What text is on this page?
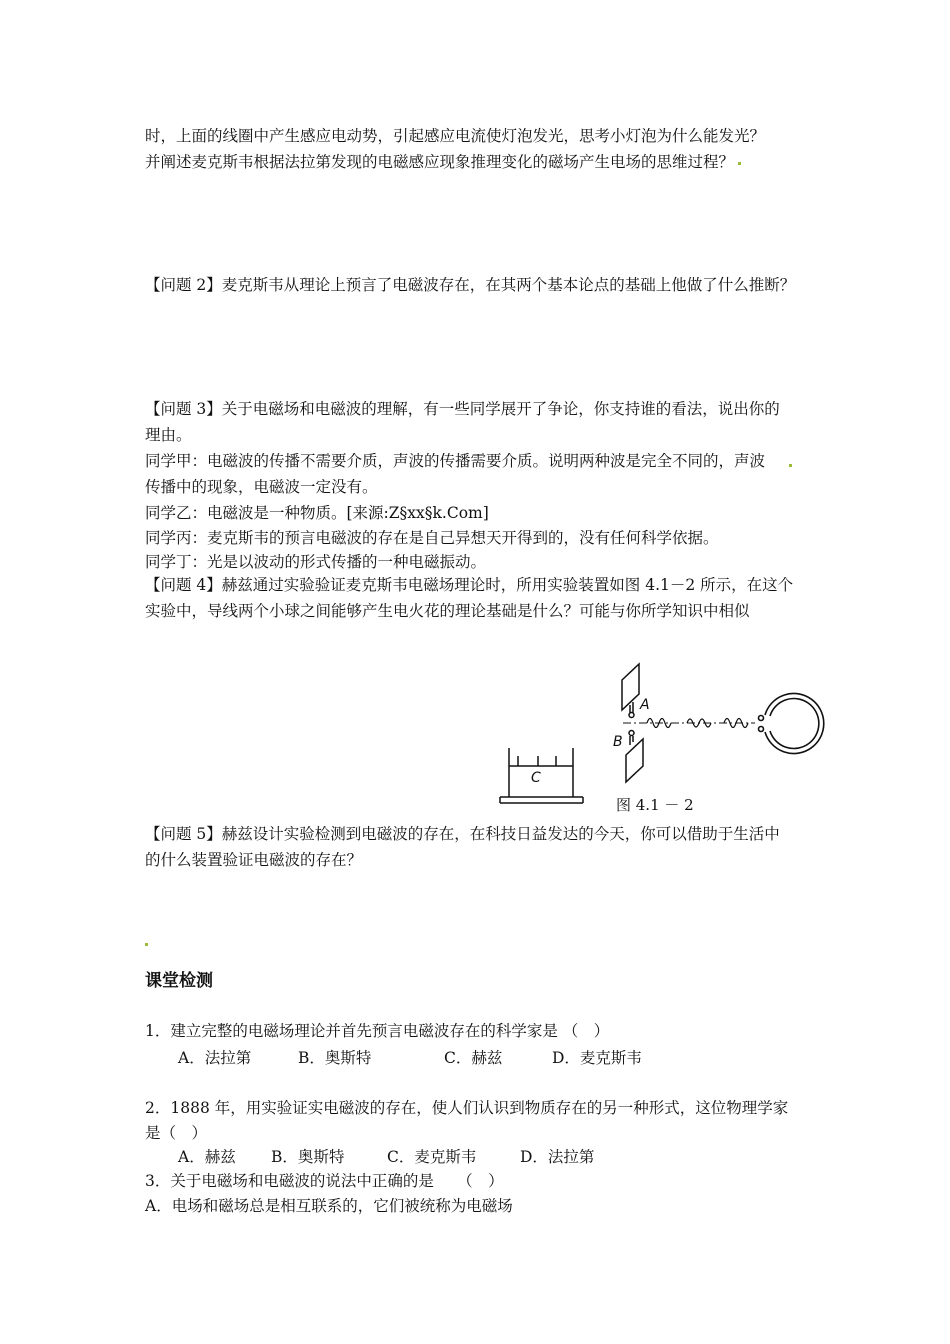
时，上面的线圈中产生感应电动势，引起感应电流使灯泡发光，思考小灯泡为什么能发光？
并阐述麦克斯韦根据法拉第发现的电磁感应现象推理变化的磁场产生电场的思维过程？
【问题 2】麦克斯韦从理论上预言了电磁波存在，在其两个基本论点的基础上他做了什么推断？
【问题 3】关于电磁场和电磁波的理解，有一些同学展开了争论，你支持谁的看法，说出你的
理由。
同学甲：电磁波的传播不需要介质，声波的传播需要介质。说明两种波是完全不同的，声波
传播中的现象，电磁波一定没有。
同学乙：电磁波是一种物质。[来源:Z§xx§k.Com]
同学丙：麦克斯韦的预言电磁波的存在是自己异想天开得到的，没有任何科学依据。
同学丁：光是以波动的形式传播的一种电磁振动。
【问题 4】赫兹通过实验验证麦克斯韦电磁场理论时，所用实验装置如图 4.1－2 所示，在这个
实验中，导线两个小球之间能够产生电火花的理论基础是什么？可能与你所学知识中相似
A
B
C
图 4.1 － 2
【问题 5】赫兹设计实验检测到电磁波的存在，在科技日益发达的今天，你可以借助于生活中
的什么装置验证电磁波的存在？
课堂检测
1．建立完整的电磁场理论并首先预言电磁波存在的科学家是 （　）
A．法拉第	B．奥斯特	C．赫兹	D．麦克斯韦
2．1888 年，用实验证实电磁波的存在，使人们认识到物质存在的另一种形式，这位物理学家
是（　）
A．赫兹 B．奥斯特	C．麦克斯韦	D．法拉第
3．关于电磁场和电磁波的说法中正确的是　　（　）
A．电场和磁场总是相互联系的，它们被统称为电磁场
